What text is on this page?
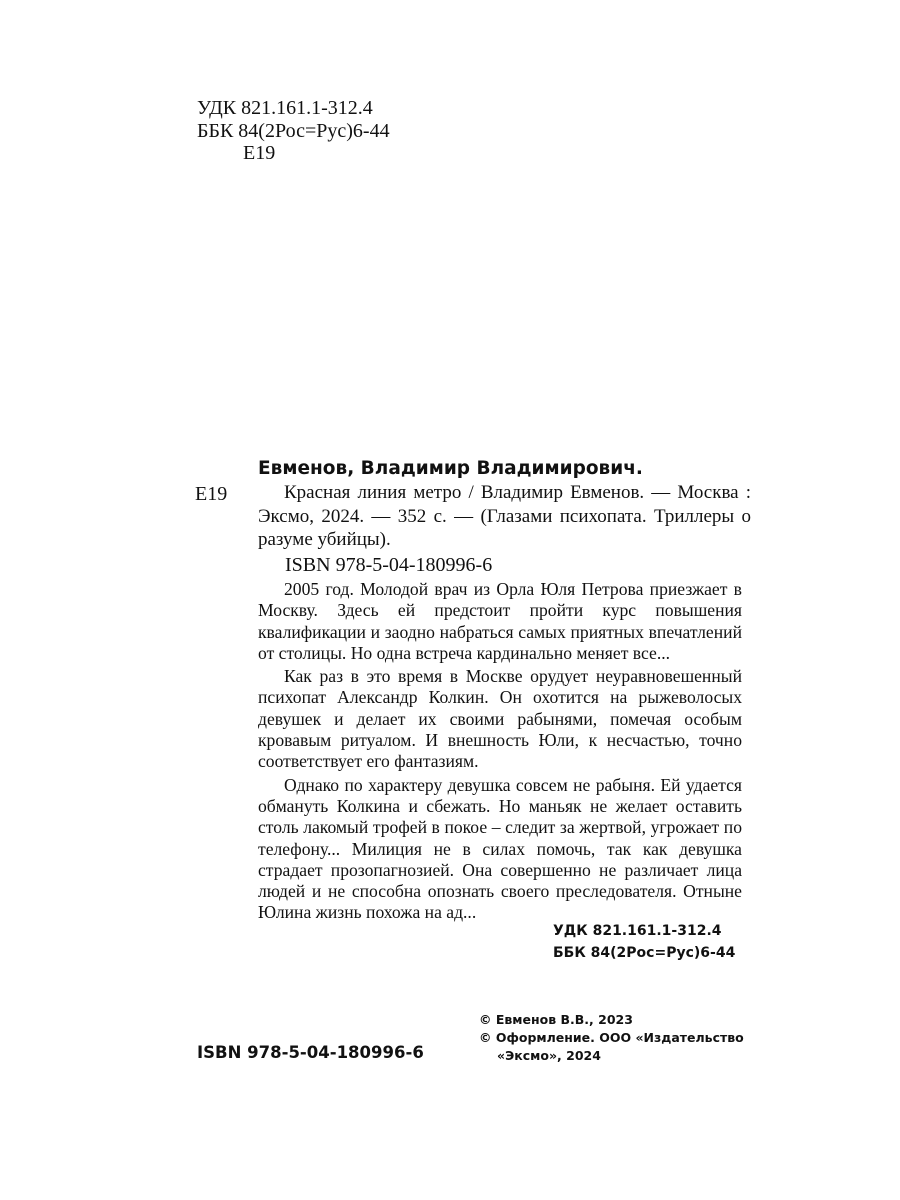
УДК 821.161.1-312.4
ББК 84(2Рос=Рус)6-44
Е19
Евменов, Владимир Владимирович.
Е19	Красная линия метро / Владимир Евменов. — Москва : Эксмо, 2024. — 352 с. — (Глазами психопата. Триллеры о разуме убийцы).
ISBN 978-5-04-180996-6

2005 год. Молодой врач из Орла Юля Петрова приезжает в Москву. Здесь ей предстоит пройти курс повышения квалификации и заодно набраться самых приятных впечатлений от столицы. Но одна встреча кардинально меняет все...

Как раз в это время в Москве орудует неуравновешенный психопат Александр Колкин. Он охотится на рыжеволосых девушек и делает их своими рабынями, помечая особым кровавым ритуалом. И внешность Юли, к несчастью, точно соответствует его фантазиям.

Однако по характеру девушка совсем не рабыня. Ей удается обмануть Колкина и сбежать. Но маньяк не желает оставить столь лакомый трофей в покое – следит за жертвой, угрожает по телефону... Милиция не в силах помочь, так как девушка страдает прозопагнозией. Она совершенно не различает лица людей и не способна опознать своего преследователя. Отныне Юлина жизнь похожа на ад...

УДК 821.161.1-312.4
ББК 84(2Рос=Рус)6-44
ISBN 978-5-04-180996-6
© Евменов В.В., 2023
© Оформление. ООО «Издательство
«Эксмо», 2024
